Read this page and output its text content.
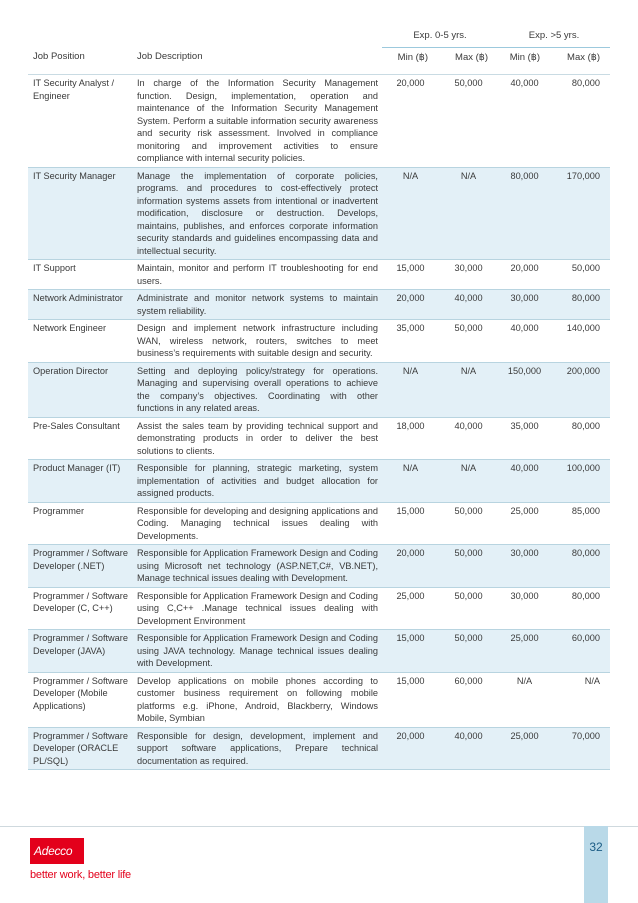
		Exp. 0-5 yrs.		Exp. >5 yrs.	
Job Position	Job Description	Min (฿)	Max (฿)	Min (฿)	Max (฿)
IT Security Analyst / Engineer	In charge of the Information Security Management function. Design, implementation, operation and maintenance of the Information Security Management System. Perform a suitable information security awareness and security risk assessment. Involved in compliance monitoring and improvement activities to ensure compliance with internal security policies.	20,000	50,000	40,000	80,000
IT Security Manager	Manage the implementation of corporate policies, programs. and procedures to cost-effectively protect information systems assets from intentional or inadvertent modification, disclosure or destruction. Develops, maintains, publishes, and enforces corporate information security standards and guidelines encompassing data and intellectual security.	N/A	N/A	80,000	170,000
IT Support	Maintain, monitor and perform IT troubleshooting for end users.	15,000	30,000	20,000	50,000
Network Administrator	Administrate and monitor network systems to maintain system reliability.	20,000	40,000	30,000	80,000
Network Engineer	Design and implement network infrastructure including WAN, wireless network, routers, switches to meet business’s requirements with suitable design and security.	35,000	50,000	40,000	140,000
Operation Director	Setting and deploying policy/strategy for operations. Managing and supervising overall operations to achieve the company’s objectives. Coordinating with other functions in any related areas.	N/A	N/A	150,000	200,000
Pre-Sales Consultant	Assist the sales team by providing technical support and demonstrating products in order to deliver the best solutions to clients.	18,000	40,000	35,000	80,000
Product Manager (IT)	Responsible for planning, strategic marketing, system implementation of activities and budget allocation for assigned products.	N/A	N/A	40,000	100,000
Programmer	Responsible for developing and designing applications and Coding. Managing technical issues dealing with Developments.	15,000	50,000	25,000	85,000
Programmer / Software Developer (.NET)	Responsible for Application Framework Design and Coding using Microsoft net technology (ASP.NET,C#, VB.NET), Manage technical issues dealing with Development.	20,000	50,000	30,000	80,000
Programmer / Software Developer (C, C++)	Responsible for Application Framework Design and Coding using C,C++ .Manage technical issues dealing with Development Environment	25,000	50,000	30,000	80,000
Programmer / Software Developer (JAVA)	Responsible for Application Framework Design and Coding using JAVA technology. Manage technical issues dealing with Development.	15,000	50,000	25,000	60,000
Programmer / Software Developer (Mobile Applications)	Develop applications on mobile phones according to customer business requirement on following mobile platforms e.g. iPhone, Android, Blackberry, Windows Mobile, Symbian	15,000	60,000	N/A	N/A
Programmer / Software Developer (ORACLE PL/SQL)	Responsible for design, development, implement and support software applications, Prepare technical documentation as required.	20,000	40,000	25,000	70,000
Adecco
better work, better life
32
